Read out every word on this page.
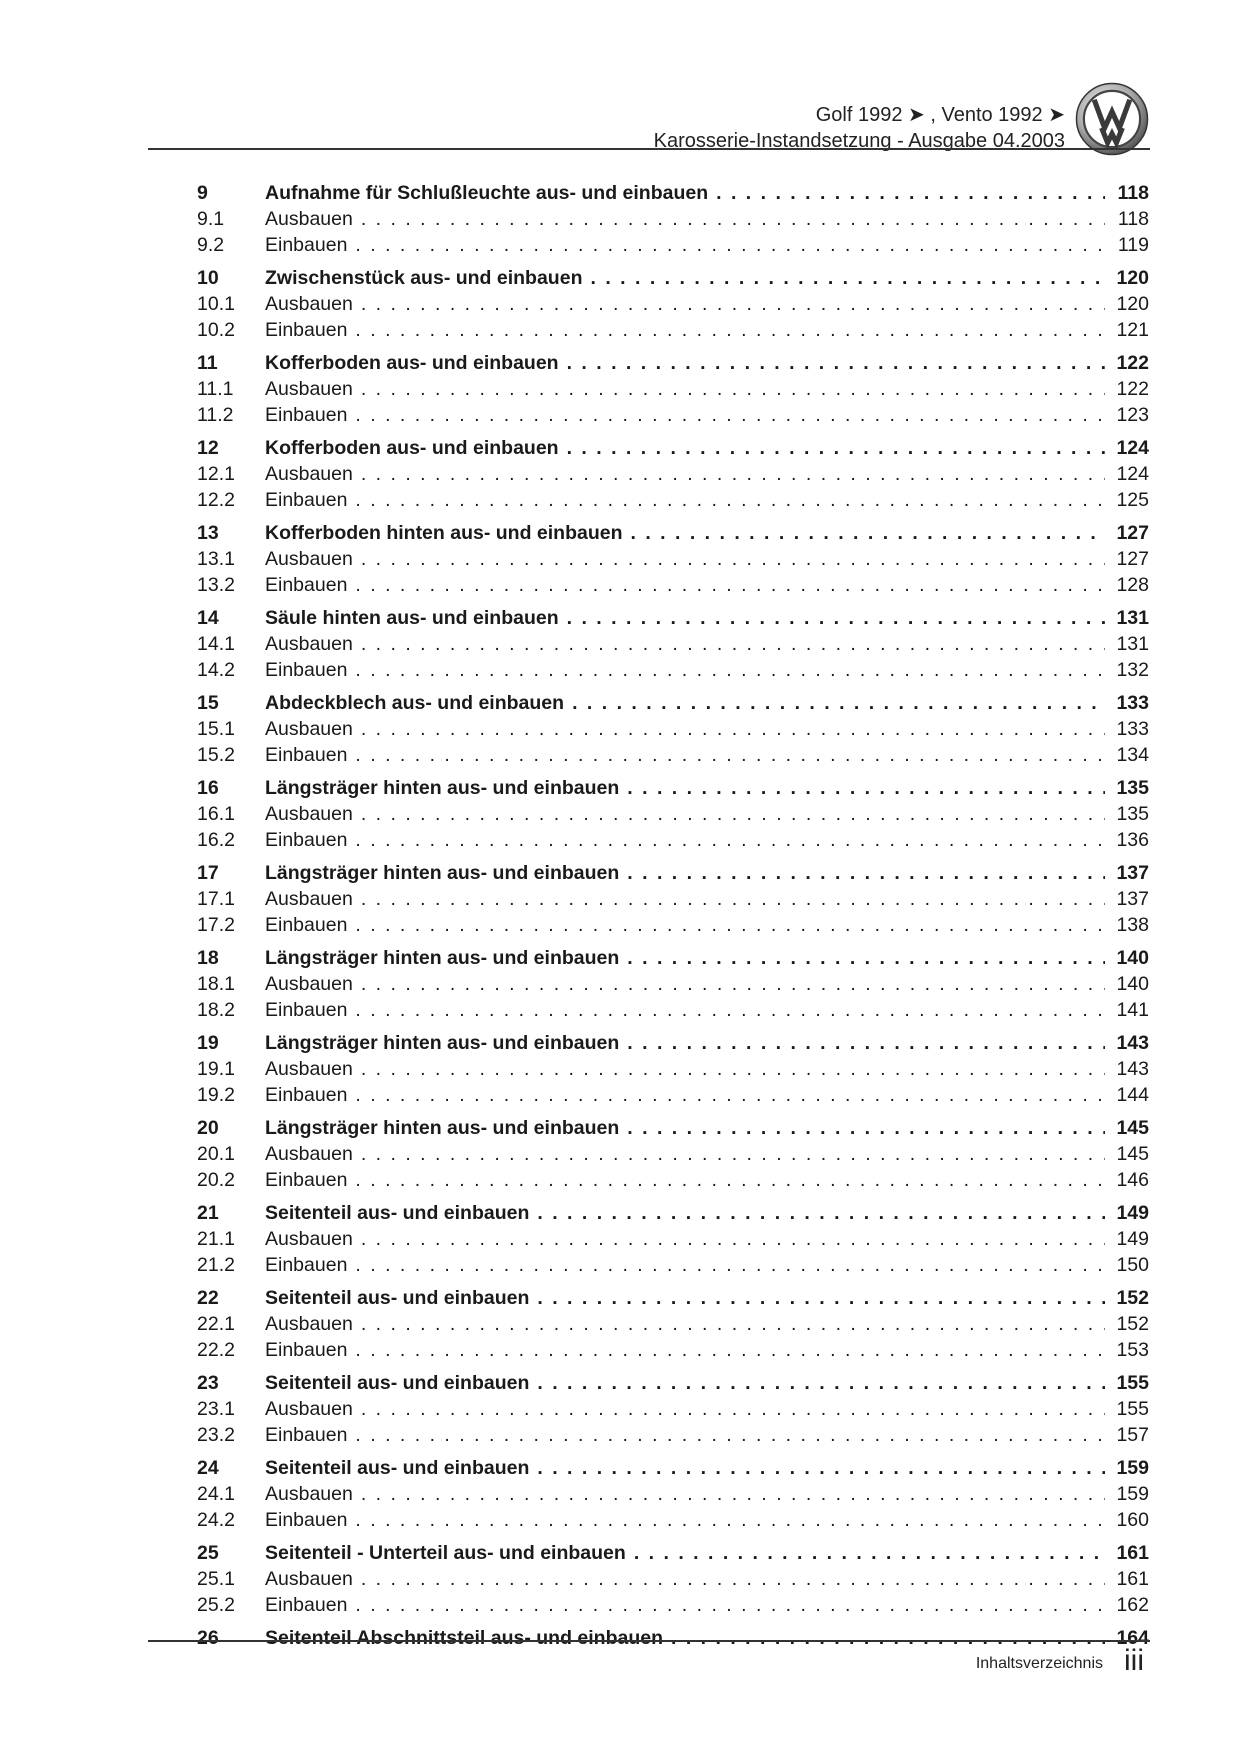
Golf 1992 ➤ , Vento 1992 ➤
Karosserie-Instandsetzung - Ausgabe 04.2003
9	Aufnahme für Schlußleuchte aus- und einbauen . . .	118
9.1	Ausbauen . . .	118
9.2	Einbauen . . .	119
10	Zwischenstück aus- und einbauen . . .	120
10.1	Ausbauen . . .	120
10.2	Einbauen . . .	121
11	Kofferboden aus- und einbauen . . .	122
11.1	Ausbauen . . .	122
11.2	Einbauen . . .	123
12	Kofferboden aus- und einbauen . . .	124
12.1	Ausbauen . . .	124
12.2	Einbauen . . .	125
13	Kofferboden hinten aus- und einbauen . . .	127
13.1	Ausbauen . . .	127
13.2	Einbauen . . .	128
14	Säule hinten aus- und einbauen . . .	131
14.1	Ausbauen . . .	131
14.2	Einbauen . . .	132
15	Abdeckblech aus- und einbauen . . .	133
15.1	Ausbauen . . .	133
15.2	Einbauen . . .	134
16	Längsträger hinten aus- und einbauen . . .	135
16.1	Ausbauen . . .	135
16.2	Einbauen . . .	136
17	Längsträger hinten aus- und einbauen . . .	137
17.1	Ausbauen . . .	137
17.2	Einbauen . . .	138
18	Längsträger hinten aus- und einbauen . . .	140
18.1	Ausbauen . . .	140
18.2	Einbauen . . .	141
19	Längsträger hinten aus- und einbauen . . .	143
19.1	Ausbauen . . .	143
19.2	Einbauen . . .	144
20	Längsträger hinten aus- und einbauen . . .	145
20.1	Ausbauen . . .	145
20.2	Einbauen . . .	146
21	Seitenteil aus- und einbauen . . .	149
21.1	Ausbauen . . .	149
21.2	Einbauen . . .	150
22	Seitenteil aus- und einbauen . . .	152
22.1	Ausbauen . . .	152
22.2	Einbauen . . .	153
23	Seitenteil aus- und einbauen . . .	155
23.1	Ausbauen . . .	155
23.2	Einbauen . . .	157
24	Seitenteil aus- und einbauen . . .	159
24.1	Ausbauen . . .	159
24.2	Einbauen . . .	160
25	Seitenteil - Unterteil aus- und einbauen . . .	161
25.1	Ausbauen . . .	161
25.2	Einbauen . . .	162
26	Seitenteil Abschnittsteil aus- und einbauen . . .	164
Inhaltsverzeichnis iii
